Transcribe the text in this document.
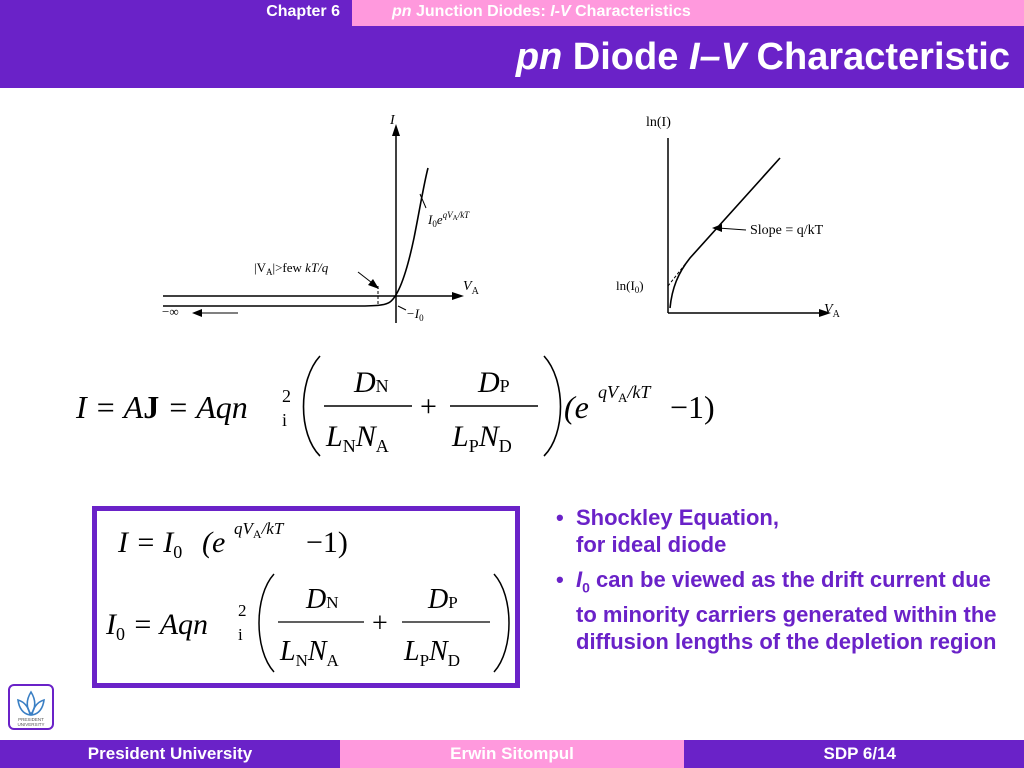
Chapter 6	pn Junction Diodes: I-V Characteristics
pn Diode I–V Characteristic
I
$V_A$
$I_0e^{qV}A/kT$
$|V_A|>few$ kT/q
−∞	$-I_0$
ln(I)
$V_A$
Slope = q/kT
$\ln(I_0)$
I = AJ = Aqn 2
i
DN
$L_NN_A$
+
DP
$L_PN_D$
(e $qV_A/kT -1$)
$I = I_0$ (e $qV_A/kT -1$)
$I_0$ = Aqn 2
i
DN
$L_NN_A$
+
DP
$L_PN_D$
• Shockley Equation,
for ideal diode
• $I_0$ can be viewed as the drift current due to minority carriers generated within the diffusion lengths of the depletion region
PRESIDENT
UNIVERSITY
President University	Erwin Sitompul	SDP 6/14
